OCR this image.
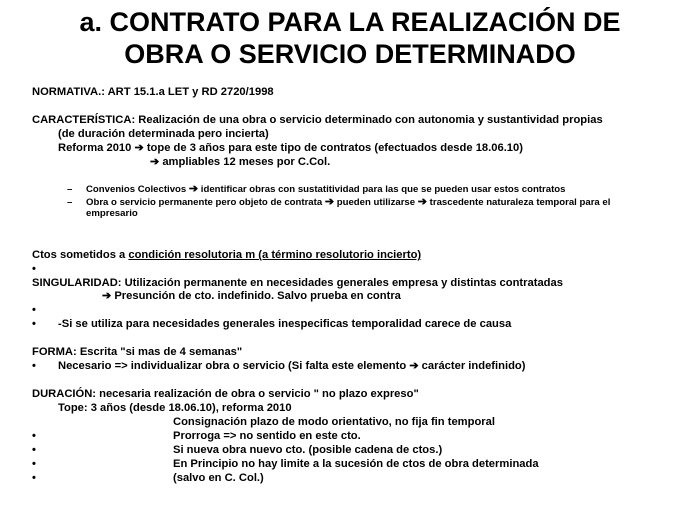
a. CONTRATO PARA LA REALIZACIÓN DE
OBRA O SERVICIO DETERMINADO
NORMATIVA.: ART 15.1.a LET y RD 2720/1998
CARACTERÍSTICA: Realización de una obra o servicio determinado con autonomia y sustantividad propias
(de duración determinada pero incierta)
Reforma 2010 ➔ tope de 3 años para este tipo de contratos (efectuados desde 18.06.10)
➔ ampliables 12 meses por C.Col.
– Convenios Colectivos ➔ identificar obras con sustatitividad para las que se pueden usar estos contratos
– Obra o servicio permanente pero objeto de contrata ➔ pueden utilizarse ➔ trascedente naturaleza temporal para el
empresario
Ctos sometidos a condición resolutoria m (a término resolutorio incierto)
•
SINGULARIDAD: Utilización permanente en necesidades generales empresa y distintas contratadas
➔ Presunción de cto. indefinido. Salvo prueba en contra
•
• -Si se utiliza para necesidades generales inespecificas temporalidad carece de causa
FORMA: Escrita "si mas de 4 semanas"
• Necesario => individualizar obra o servicio (Si falta este elemento ➔ carácter indefinido)
DURACIÓN: necesaria realización de obra o servicio " no plazo expreso"
Tope: 3 años (desde 18.06.10), reforma 2010
Consignación plazo de modo orientativo, no fija fin temporal
•	Prorroga => no sentido en este cto.
•	Si nueva obra nuevo cto. (posible cadena de ctos.)
•	En Principio no hay limite a la sucesión de ctos de obra determinada
•	(salvo en C. Col.)
